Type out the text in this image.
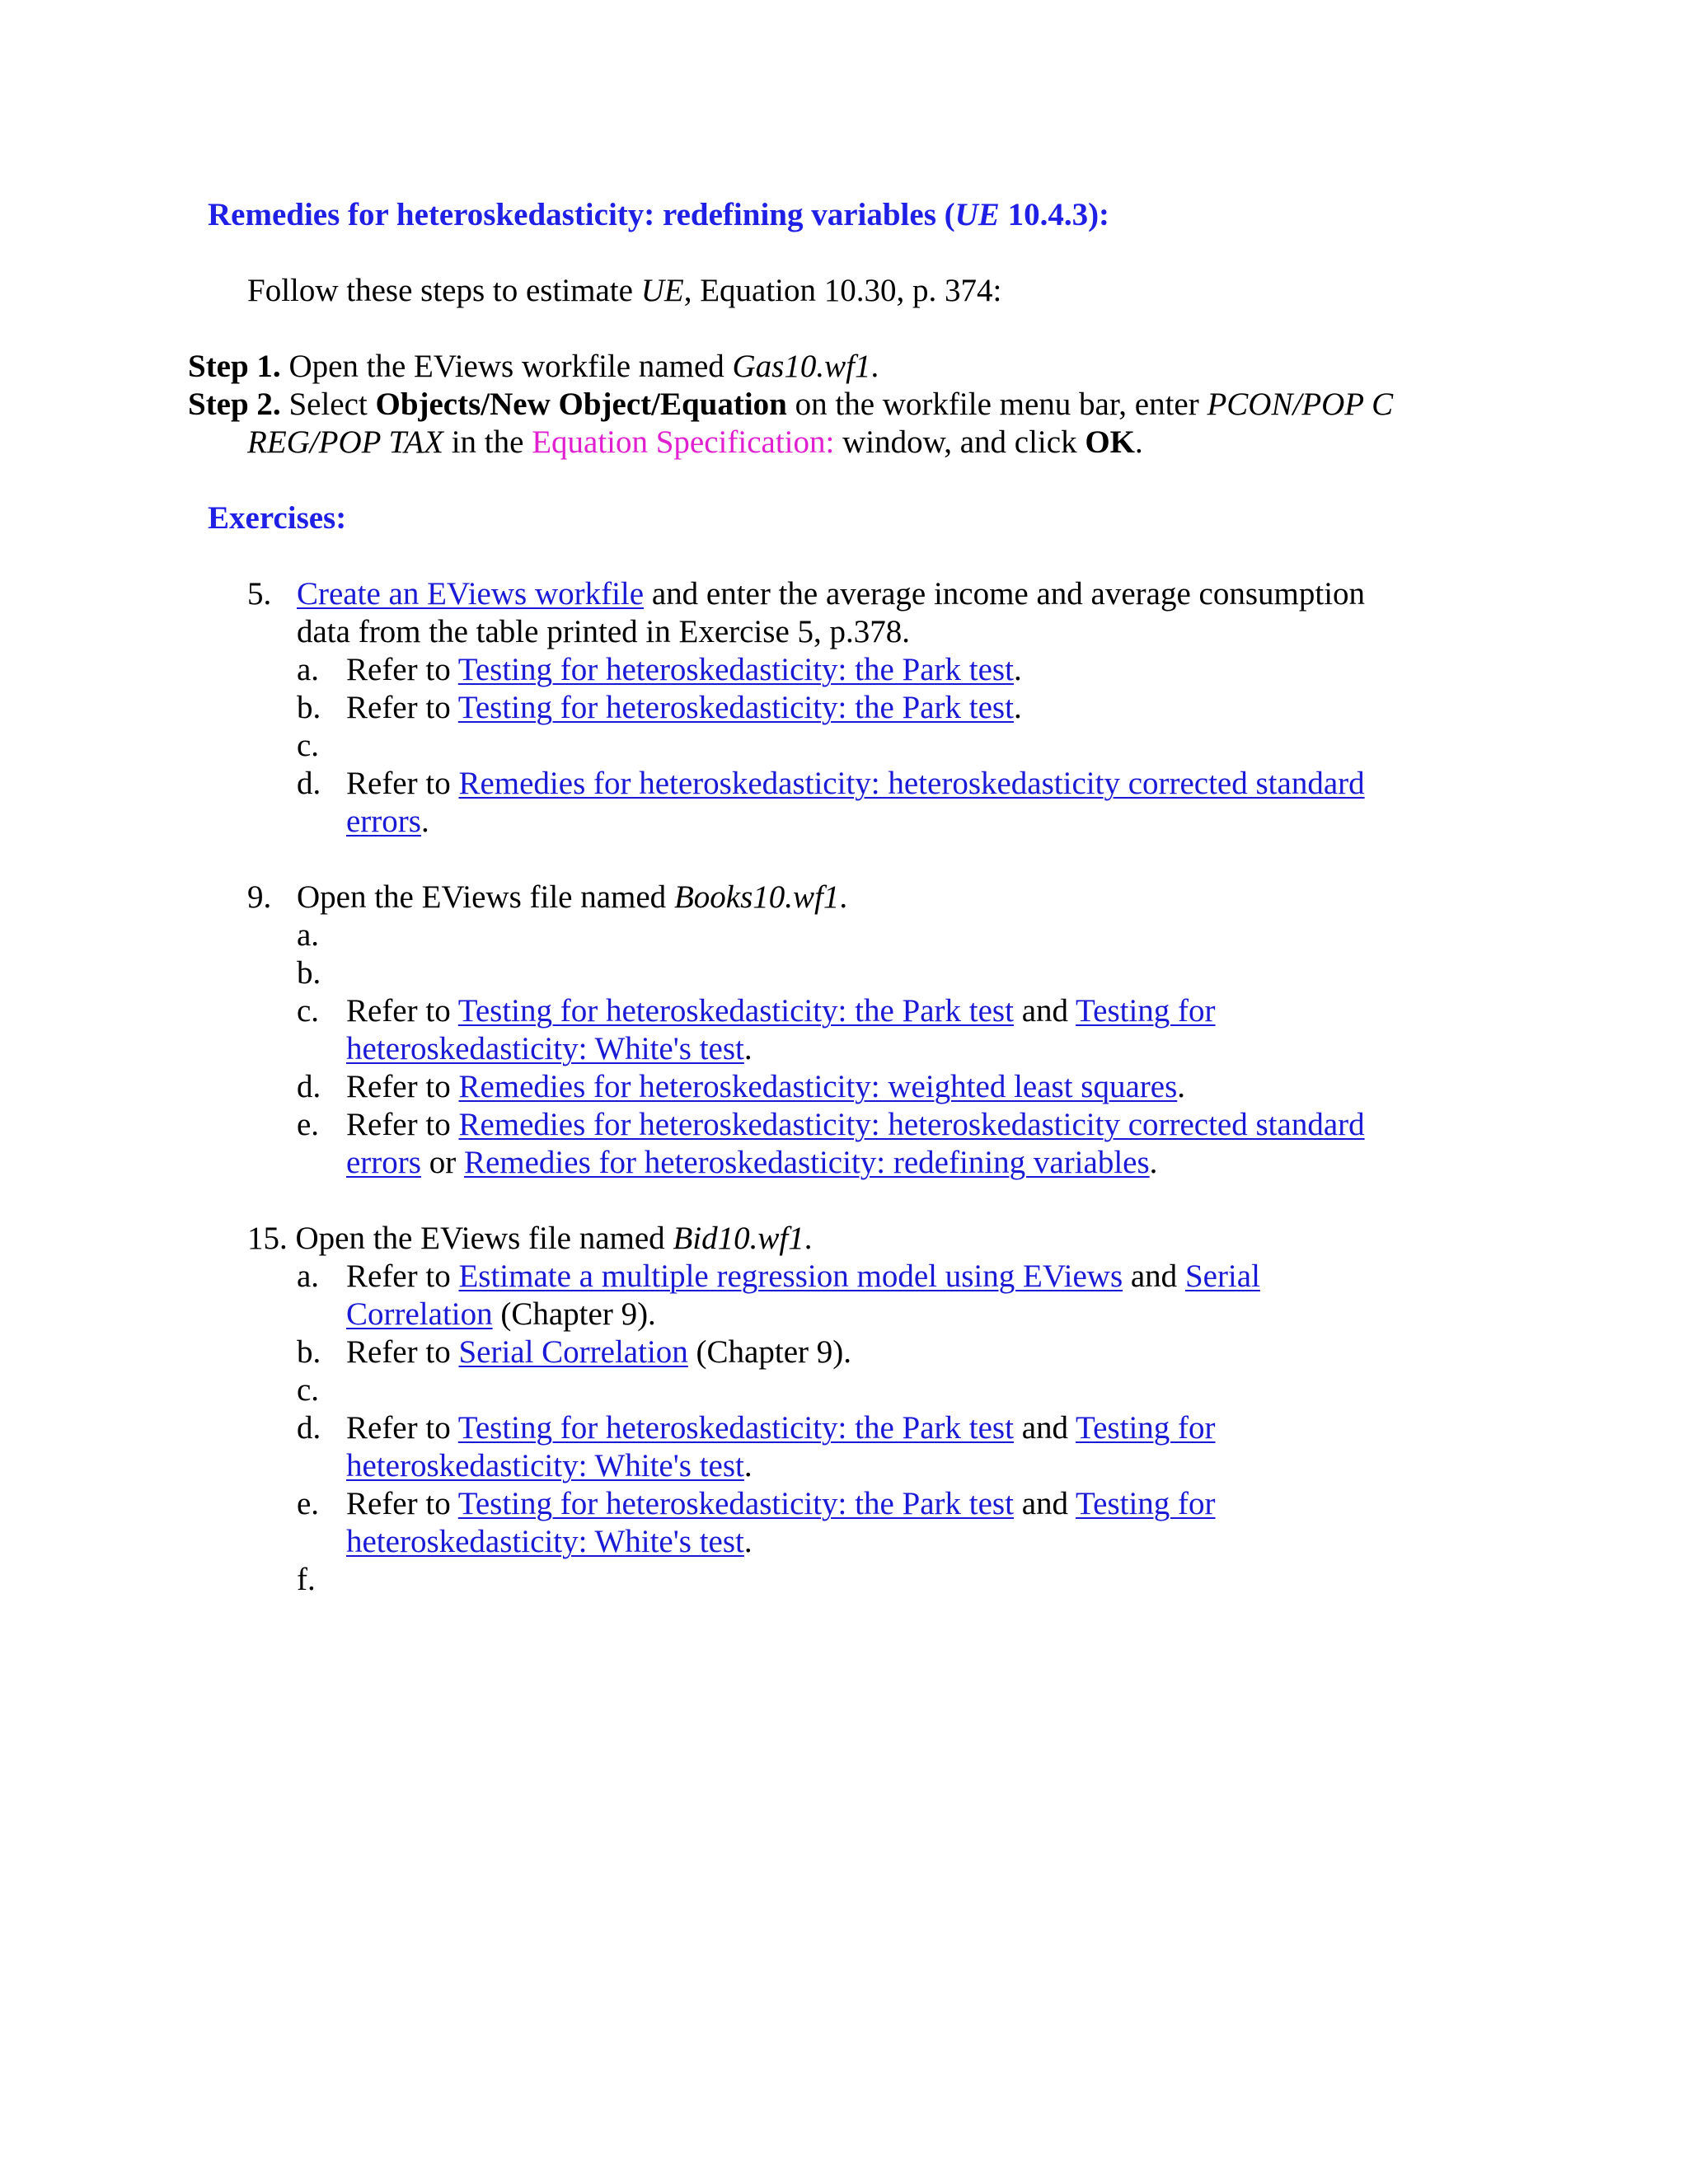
Remedies for heteroskedasticity: redefining variables (UE 10.4.3):
Follow these steps to estimate UE, Equation 10.30, p. 374:
Step 1. Open the EViews workfile named Gas10.wf1.
Step 2. Select Objects/New Object/Equation on the workfile menu bar, enter PCON/POP C
REG/POP TAX in the Equation Specification: window, and click OK.
Exercises:
5. Create an EViews workfile and enter the average income and average consumption
data from the table printed in Exercise 5, p.378.
a. Refer to Testing for heteroskedasticity: the Park test.
b. Refer to Testing for heteroskedasticity: the Park test.
c.
d. Refer to Remedies for heteroskedasticity: heteroskedasticity corrected standard
errors.
9. Open the EViews file named Books10.wf1.
a.
b.
c. Refer to Testing for heteroskedasticity: the Park test and Testing for
heteroskedasticity: White's test.
d. Refer to Remedies for heteroskedasticity: weighted least squares.
e. Refer to Remedies for heteroskedasticity: heteroskedasticity corrected standard
errors or Remedies for heteroskedasticity: redefining variables.
15. Open the EViews file named Bid10.wf1.
a. Refer to Estimate a multiple regression model using EViews and Serial
Correlation (Chapter 9).
b. Refer to Serial Correlation (Chapter 9).
c.
d. Refer to Testing for heteroskedasticity: the Park test and Testing for
heteroskedasticity: White's test.
e. Refer to Testing for heteroskedasticity: the Park test and Testing for
heteroskedasticity: White's test.
f.
